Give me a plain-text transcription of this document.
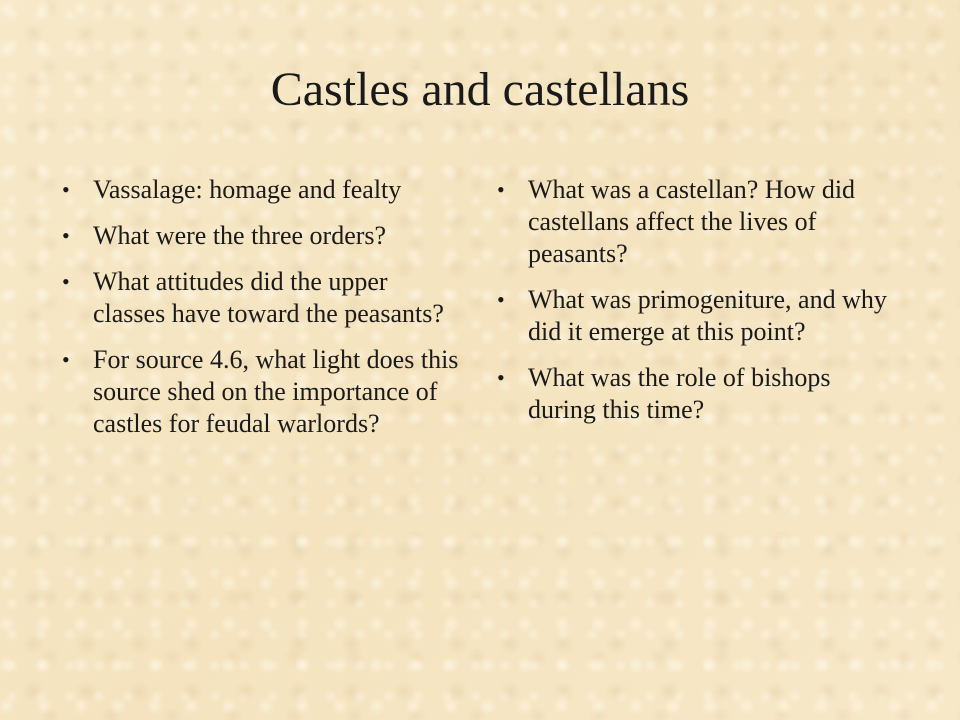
Castles and castellans
• Vassalage: homage and fealty
• What were the three orders?
• What attitudes did the upper classes have toward the peasants?
• For source 4.6, what light does this source shed on the importance of castles for feudal warlords?
• What was a castellan? How did castellans affect the lives of peasants?
• What was primogeniture, and why did it emerge at this point?
• What was the role of bishops during this time?
